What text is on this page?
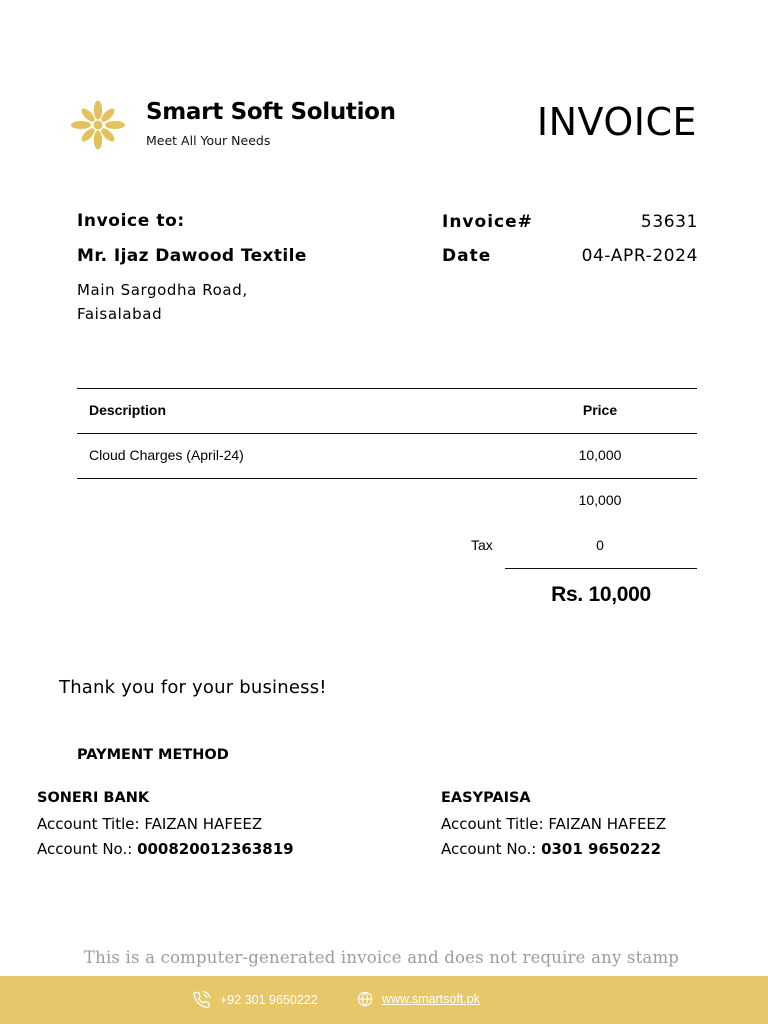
Smart Soft Solution
Meet All Your Needs	INVOICE
Invoice to:
Mr. Ijaz Dawood Textile
Main Sargodha Road,
Faisalabad
Invoice#	53631
Date	04-APR-2024
Description	Price
Cloud Charges (April-24)	10,000
10,000
Tax	0
Rs. 10,000
Thank you for your business!
PAYMENT METHOD
SONERI BANK
Account Title: FAIZAN HAFEEZ
Account No.: 000820012363819
EASYPAISA
Account Title: FAIZAN HAFEEZ
Account No.: 0301 9650222
This is a computer-generated invoice and does not require any stamp
+92 301 9650222	www.smartsoft.pk
